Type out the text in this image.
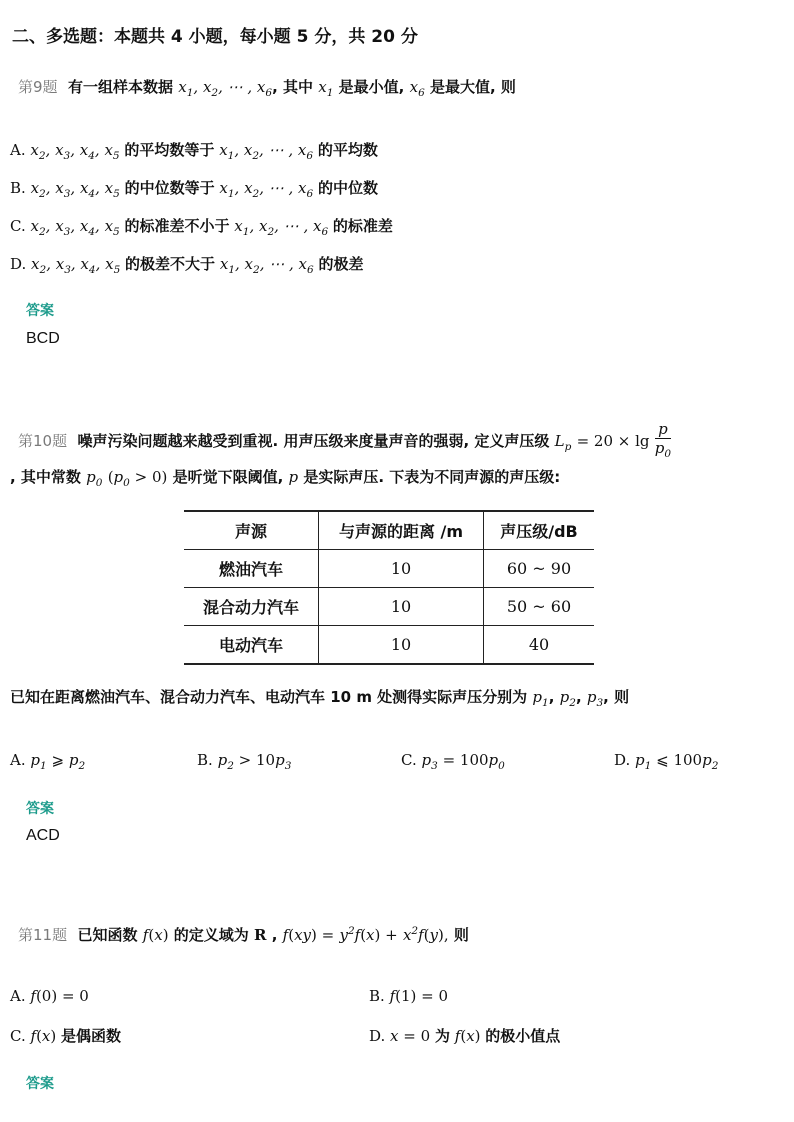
二、多选题：本题共 4 小题，每小题 5 分，共 20 分
第9题 有一组样本数据 $x_1$, $x_2$, ⋯ , $x_6$, 其中 $x_1$ 是最小值, $x_6$ 是最大值, 则
A. $x_2$, $x_3$, $x_4$, $x_5$ 的平均数等于 $x_1$, $x_2$, ⋯ , $x_6$ 的平均数
B. $x_2$, $x_3$, $x_4$, $x_5$ 的中位数等于 $x_1$, $x_2$, ⋯ , $x_6$ 的中位数
C. $x_2$, $x_3$, $x_4$, $x_5$ 的标准差不小于 $x_1$, $x_2$, ⋯ , $x_6$ 的标准差
D. $x_2$, $x_3$, $x_4$, $x_5$ 的极差不大于 $x_1$, $x_2$, ⋯ , $x_6$ 的极差
答案
BCD
第10题 噪声污染问题越来越受到重视. 用声压级来度量声音的强弱, 定义声压级 $L_p = 20 \times \lg \frac{p}{p_0}$
, 其中常数 $p_0$ $(p_0 > 0)$ 是听觉下限阈值, p 是实际声压. 下表为不同声源的声压级:
声源	与声源的距离 /m	声压级/dB
燃油汽车	10	60 ~ 90
混合动力汽车	10	50 ~ 60
电动汽车	10	40
已知在距离燃油汽车、混合动力汽车、电动汽车 10 m 处测得实际声压分别为 $p_1$, $p_2$, $p_3$, 则
A. $p_1$ ⩾ $p_2$	B. $p_2 > 10p_3$	C. $p_3 = 100p_0$	D. $p_1$ ⩽ $100p_2$
答案
ACD
第11题 已知函数 f(x) 的定义域为 R , $f(xy) = y^2f(x) + x^2f(y)$, 则
A. f(0) = 0	B. f(1) = 0
C. f(x) 是偶函数	D. x = 0 为 f(x) 的极小值点
答案
